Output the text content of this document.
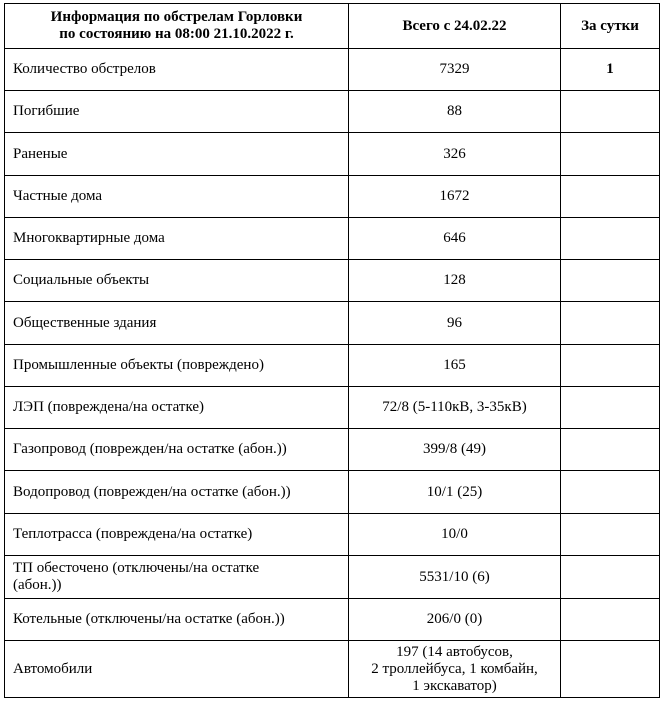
Информация по обстрелам Горловки
по состоянию на 08:00 21.10.2022 г.	Всего с 24.02.22	За сутки
Количество обстрелов	7329	1
Погибшие	88	
Раненые	326	
Частные дома	1672	
Многоквартирные дома	646	
Социальные объекты	128	
Общественные здания	96	
Промышленные объекты (повреждено)	165	
ЛЭП (повреждена/на остатке)	72/8 (5-110кВ, 3-35кВ)	
Газопровод (поврежден/на остатке (абон.))	399/8 (49)	
Водопровод (поврежден/на остатке (абон.))	10/1 (25)	
Теплотрасса (повреждена/на остатке)	10/0	

ТП обесточено (отключены/на остатке
(абон.))	5531/10 (6)	
Котельные (отключены/на остатке (абон.))	206/0 (0)	
Автомобили	197 (14 автобусов,
2 троллейбуса, 1 комбайн,
1 экскаватор)	
